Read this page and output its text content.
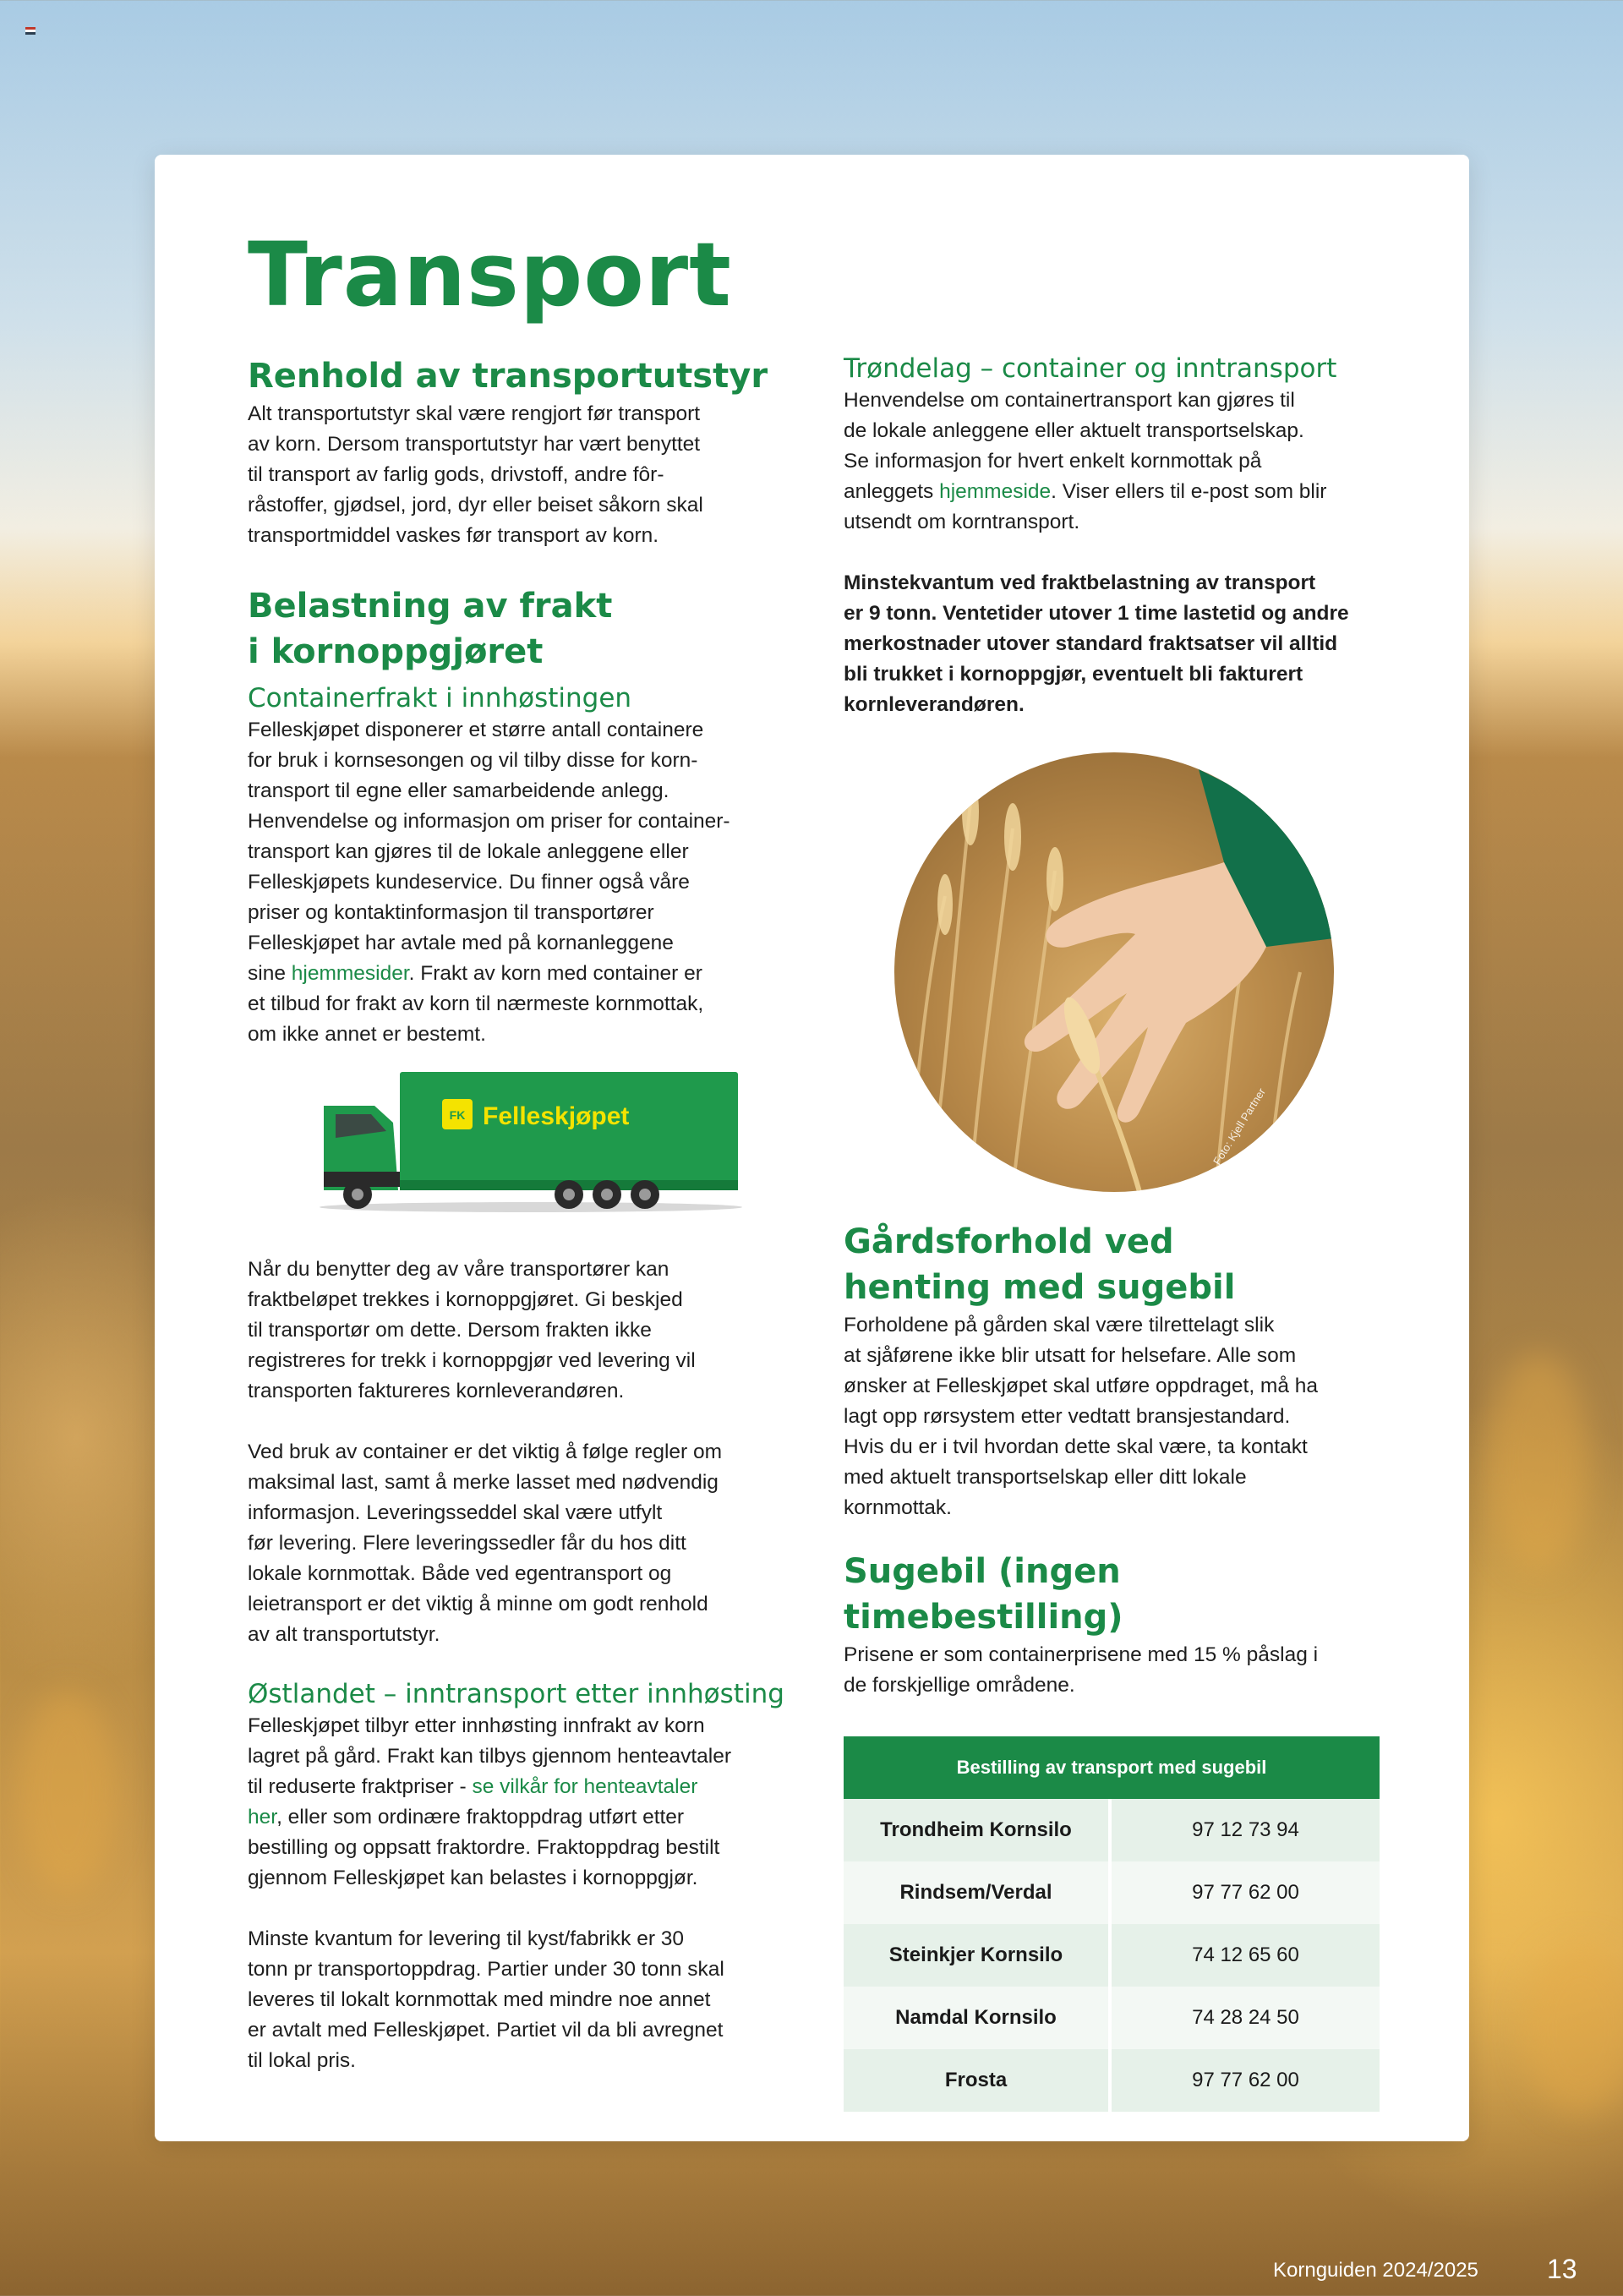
Transport
Renhold av transportutstyr

Alt transportutstyr skal være rengjort før transport
av korn. Dersom transportutstyr har vært benyttet
til transport av farlig gods, drivstoff, andre fôr-
råstoffer, gjødsel, jord, dyr eller beiset såkorn skal
transportmiddel vaskes før transport av korn.

Belastning av frakt
i kornoppgjøret
Containerfrakt i innhøstingen

Felleskjøpet disponerer et større antall containere
for bruk i kornsesongen og vil tilby disse for korn-
transport til egne eller samarbeidende anlegg.
Henvendelse og informasjon om priser for container-
transport kan gjøres til de lokale anleggene eller
Felleskjøpets kundeservice. Du finner også våre
priser og kontaktinformasjon til transportører
Felleskjøpet har avtale med på kornanleggene
sine hjemmesider. Frakt av korn med container er
et tilbud for frakt av korn til nærmeste kornmottak,
om ikke annet er bestemt.

FK Felleskjøpet

Når du benytter deg av våre transportører kan
fraktbeløpet trekkes i kornoppgjøret. Gi beskjed
til transportør om dette. Dersom frakten ikke
registreres for trekk i kornoppgjør ved levering vil
transporten faktureres kornleverandøren.

Ved bruk av container er det viktig å følge regler om
maksimal last, samt å merke lasset med nødvendig
informasjon. Leveringsseddel skal være utfylt
før levering. Flere leveringssedler får du hos ditt
lokale kornmottak. Både ved egentransport og
leietransport er det viktig å minne om godt renhold
av alt transportutstyr.

Østlandet – inntransport etter innhøsting

Felleskjøpet tilbyr etter innhøsting innfrakt av korn
lagret på gård. Frakt kan tilbys gjennom henteavtaler
til reduserte fraktpriser - se vilkår for henteavtaler
her, eller som ordinære fraktoppdrag utført etter
bestilling og oppsatt fraktordre. Fraktoppdrag bestilt
gjennom Felleskjøpet kan belastes i kornoppgjør.

Minste kvantum for levering til kyst/fabrikk er 30
tonn pr transportoppdrag. Partier under 30 tonn skal
leveres til lokalt kornmottak med mindre noe annet
er avtalt med Felleskjøpet. Partiet vil da bli avregnet
til lokal pris.

Trøndelag – container og inntransport

Henvendelse om containertransport kan gjøres til
de lokale anleggene eller aktuelt transportselskap.
Se informasjon for hvert enkelt kornmottak på
anleggets hjemmeside. Viser ellers til e-post som blir
utsendt om korntransport.

Minstekvantum ved fraktbelastning av transport
er 9 tonn. Ventetider utover 1 time lastetid og andre
merkostnader utover standard fraktsatser vil alltid
bli trukket i kornoppgjør, eventuelt bli fakturert
kornleverandøren.

Foto: Kjell Partner
Gårdsforhold ved
henting med sugebil

Forholdene på gården skal være tilrettelagt slik
at sjåførene ikke blir utsatt for helsefare. Alle som
ønsker at Felleskjøpet skal utføre oppdraget, må ha
lagt opp rørsystem etter vedtatt bransjestandard.
Hvis du er i tvil hvordan dette skal være, ta kontakt
med aktuelt transportselskap eller ditt lokale
kornmottak.

Sugebil (ingen timebestilling)

Prisene er som containerprisene med 15 % påslag i
de forskjellige områdene.

Bestilling av transport med sugebil	
Trondheim Kornsilo	97 12 73 94
Rindsem/Verdal	97 77 62 00
Steinkjer Kornsilo	74 12 65 60
Namdal Kornsilo	74 28 24 50
Frosta	97 77 62 00
Kornguiden 2024/2025	13
